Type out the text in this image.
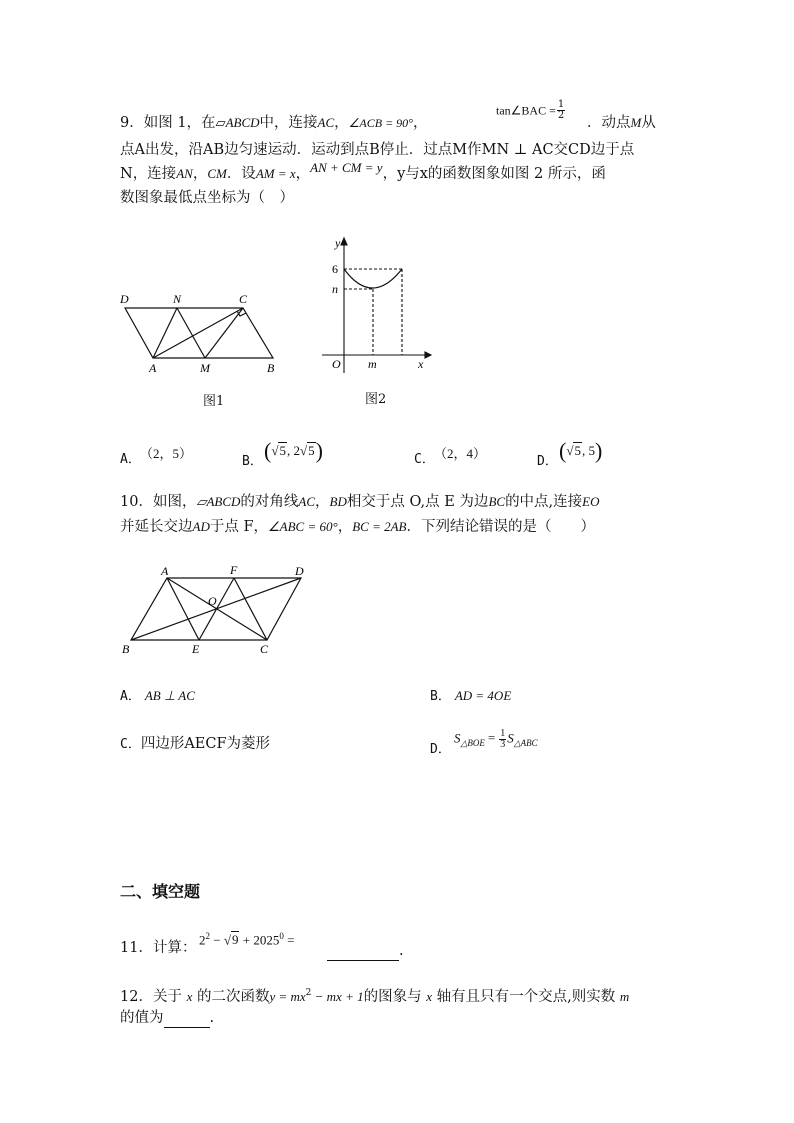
9．如图 1，在▱ABCD中，连接AC，∠ACB = 90°，
tan∠BAC = $\frac{1}{2}$
．动点M从
点A出发，沿AB边匀速运动．运动到点B停止．过点M作MN ⊥ AC交CD边于点
N，连接AN，CM．设AM = x，AN + CM = y，y与x的函数图象如图 2 所示，函
数图象最低点坐标为（　）
D	N	C
A	M	B
图1
y
6
n
O m	x
图2
A． （2，5）
B． (√5, 2√5)	C． （2，4）
D． (√5, 5)
10．如图，▱ABCD的对角线AC，BD相交于点 O,点 E 为边BC的中点,连接EO
并延长交边AD于点 F，∠ABC = 60°，BC = 2AB．下列结论错误的是（　　）
A	F	D
O
B	E	C
A． AB ⊥ AC	B． AD = 4OE
C．四边形AECF为菱形	D．
$S_{\triangle BOE} = \frac{1}{3} S_{\triangle ABC}$
二、填空题
11．计算：
$2^2 - √9 + 2025^0$ =
.
12．关于 x 的二次函数$y = mx^2$ − mx + 1的图象与 x 轴有且只有一个交点,则实数 m
的值为	.
